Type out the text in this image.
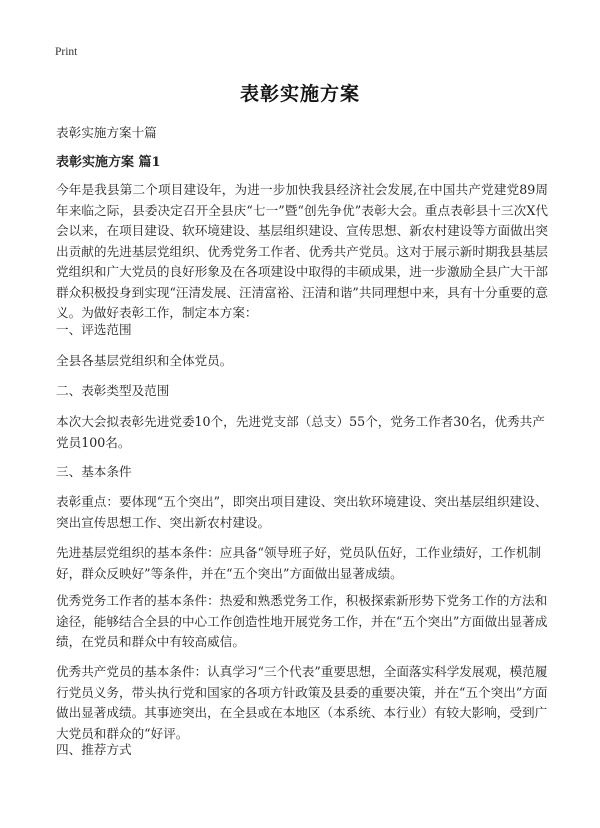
Print
表彰实施方案
表彰实施方案十篇
表彰实施方案 篇1
今年是我县第二个项目建设年，为进一步加快我县经济社会发展,在中国共产党建党89周年来临之际，县委决定召开全县庆“七一”暨“创先争优”表彰大会。重点表彰县十三次X代会以来，在项目建设、软环境建设、基层组织建设、宣传思想、新农村建设等方面做出突出贡献的先进基层党组织、优秀党务工作者、优秀共产党员。这对于展示新时期我县基层党组织和广大党员的良好形象及在各项建设中取得的丰硕成果，进一步激励全县广大干部群众积极投身到实现“汪清发展、汪清富裕、汪清和谐”共同理想中来，具有十分重要的意义。为做好表彰工作，制定本方案：
一、评选范围
全县各基层党组织和全体党员。
二、表彰类型及范围
本次大会拟表彰先进党委10个，先进党支部（总支）55个，党务工作者30名，优秀共产党员100名。
三、基本条件
表彰重点：要体现“五个突出”，即突出项目建设、突出软环境建设、突出基层组织建设、突出宣传思想工作、突出新农村建设。
先进基层党组织的基本条件：应具备“领导班子好，党员队伍好，工作业绩好，工作机制好，群众反映好”等条件，并在“五个突出”方面做出显著成绩。
优秀党务工作者的基本条件：热爱和熟悉党务工作，积极探索新形势下党务工作的方法和途径，能够结合全县的中心工作创造性地开展党务工作，并在“五个突出”方面做出显著成绩，在党员和群众中有较高威信。
优秀共产党员的基本条件：认真学习“三个代表”重要思想，全面落实科学发展观，模范履行党员义务，带头执行党和国家的各项方针政策及县委的重要决策，并在“五个突出”方面做出显著成绩。其事迹突出，在全县或在本地区（本系统、本行业）有较大影响，受到广大党员和群众的“好评。
四、推荐方式
